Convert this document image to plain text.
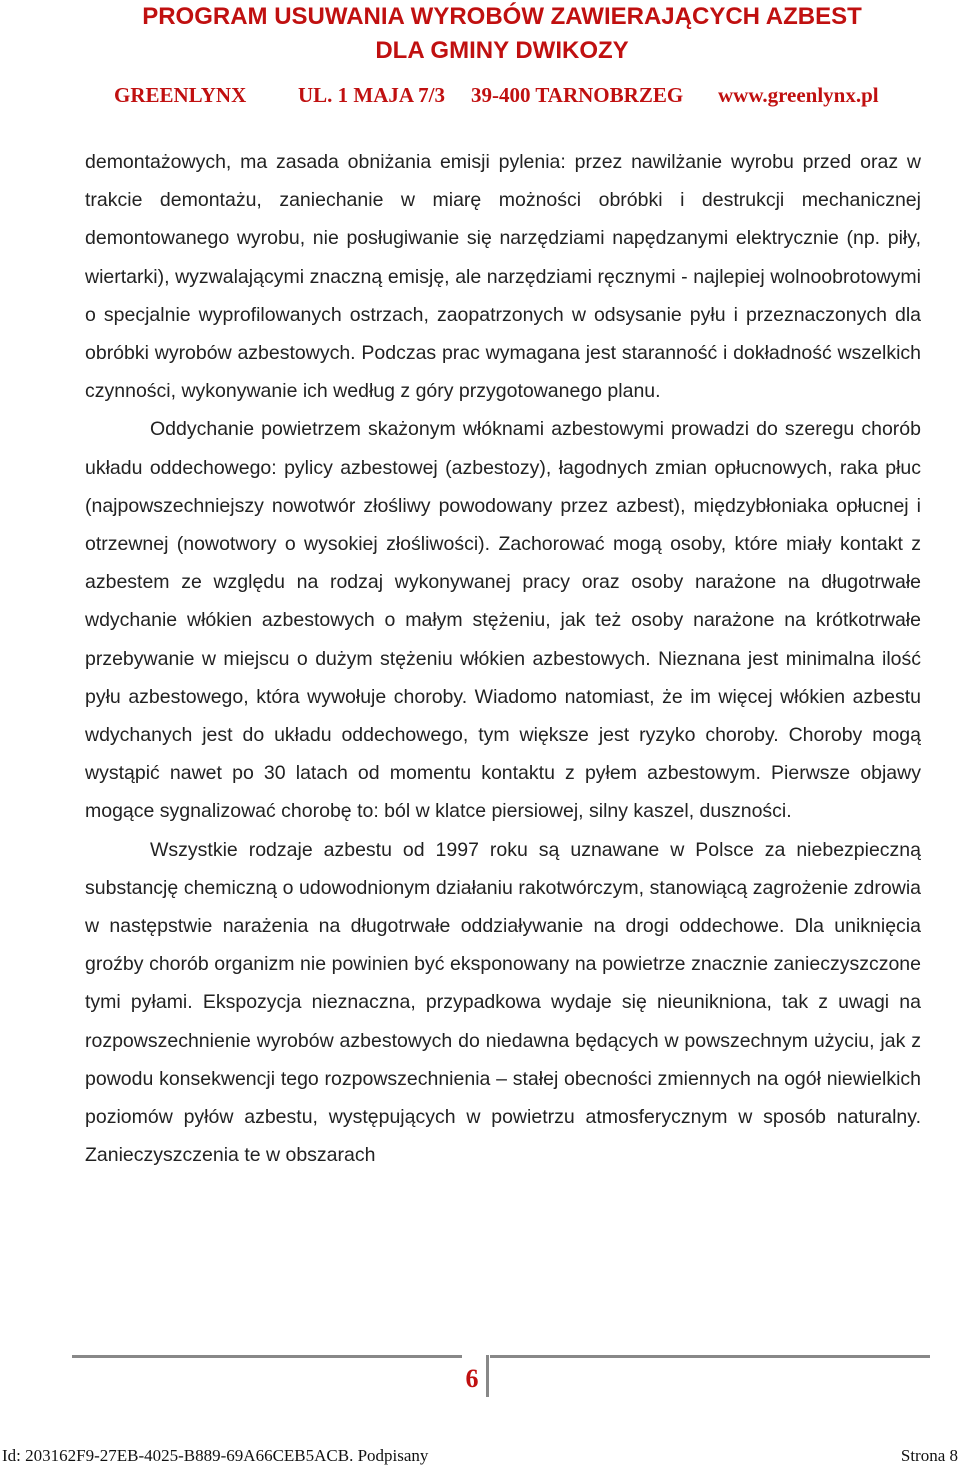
PROGRAM USUWANIA WYROBÓW ZAWIERAJĄCYCH AZBEST
DLA GMINY DWIKOZY
GREENLYNX UL. 1 MAJA 7/3 39-400 TARNOBRZEG www.greenlynx.pl

demontażowych, ma zasada obniżania emisji pylenia: przez nawilżanie wyrobu przed oraz w trakcie demontażu, zaniechanie w miarę możności obróbki i destrukcji mechanicznej demontowanego wyrobu, nie posługiwanie się narzędziami napędzanymi elektrycznie (np. piły, wiertarki), wyzwalającymi znaczną emisję, ale narzędziami ręcznymi - najlepiej wolnoobrotowymi o specjalnie wyprofilowanych ostrzach, zaopatrzonych w odsysanie pyłu i przeznaczonych dla obróbki wyrobów azbestowych. Podczas prac wymagana jest staranność i dokładność wszelkich czynności, wykonywanie ich według z góry przygotowanego planu.

Oddychanie powietrzem skażonym włóknami azbestowymi prowadzi do szeregu chorób układu oddechowego: pylicy azbestowej (azbestozy), łagodnych zmian opłucnowych, raka płuc (najpowszechniejszy nowotwór złośliwy powodowany przez azbest), międzybłoniaka opłucnej i otrzewnej (nowotwory o wysokiej złośliwości). Zachorować mogą osoby, które miały kontakt z azbestem ze względu na rodzaj wykonywanej pracy oraz osoby narażone na długotrwałe wdychanie włókien azbestowych o małym stężeniu, jak też osoby narażone na krótkotrwałe przebywanie w miejscu o dużym stężeniu włókien azbestowych. Nieznana jest minimalna ilość pyłu azbestowego, która wywołuje choroby. Wiadomo natomiast, że im więcej włókien azbestu wdychanych jest do układu oddechowego, tym większe jest ryzyko choroby. Choroby mogą wystąpić nawet po 30 latach od momentu kontaktu z pyłem azbestowym. Pierwsze objawy mogące sygnalizować chorobę to: ból w klatce piersiowej, silny kaszel, duszności.

Wszystkie rodzaje azbestu od 1997 roku są uznawane w Polsce za niebezpieczną substancję chemiczną o udowodnionym działaniu rakotwórczym, stanowiącą zagrożenie zdrowia w następstwie narażenia na długotrwałe oddziaływanie na drogi oddechowe. Dla uniknięcia groźby chorób organizm nie powinien być eksponowany na powietrze znacznie zanieczyszczone tymi pyłami. Ekspozycja nieznaczna, przypadkowa wydaje się nieunikniona, tak z uwagi na rozpowszechnienie wyrobów azbestowych do niedawna będących w powszechnym użyciu, jak z powodu konsekwencji tego rozpowszechnienia – stałej obecności zmiennych na ogół niewielkich poziomów pyłów azbestu, występujących w powietrzu atmosferycznym w sposób naturalny. Zanieczyszczenia te w obszarach

6
Id: 203162F9-27EB-4025-B889-69A66CEB5ACB. Podpisany	Strona 8
